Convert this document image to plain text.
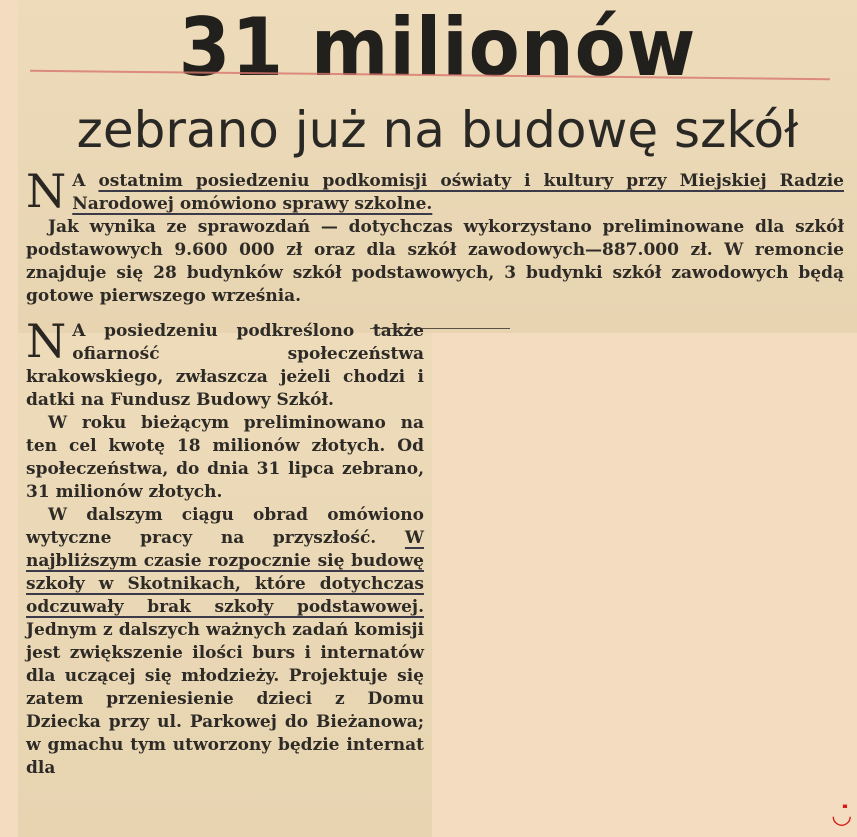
31 milionów
zebrano już na budowę szkół

N A ostatnim posiedzeniu podkomisji oświaty i kultury przy Miejskiej Radzie Narodowej omówiono sprawy szkolne.
Jak wynika ze sprawozdań — dotychczas wykorzystano preliminowane dla szkół podstawowych 9.600 000 zł oraz dla szkół zawodowych—887.000 zł. W remoncie znajduje się 28 budynków szkół podstawowych, 3 budynki szkół zawodowych będą gotowe pierwszego września.

N A posiedzeniu podkreślono także ofiarność społeczeństwa krakowskiego, zwłaszcza jeżeli chodzi i datki na Fundusz Budowy Szkół.
W roku bieżącym preliminowano na ten cel kwotę 18 milionów złotych. Od społeczeństwa, do dnia 31 lipca zebrano, 31 milionów złotych.
W dalszym ciągu obrad omówiono wytyczne pracy na przyszłość. W najbliższym czasie rozpocznie się budowę szkoły w Skotnikach, które dotychczas odczuwały brak szkoły podstawowej. Jednym z dalszych ważnych zadań komisji jest zwiększenie ilości burs i internatów dla uczącej się młodzieży. Projektuje się zatem przeniesienie dzieci z Domu Dziecka przy ul. Parkowej do Bieżanowa; w gmachu tym utworzony będzie internat dla

◡̇
